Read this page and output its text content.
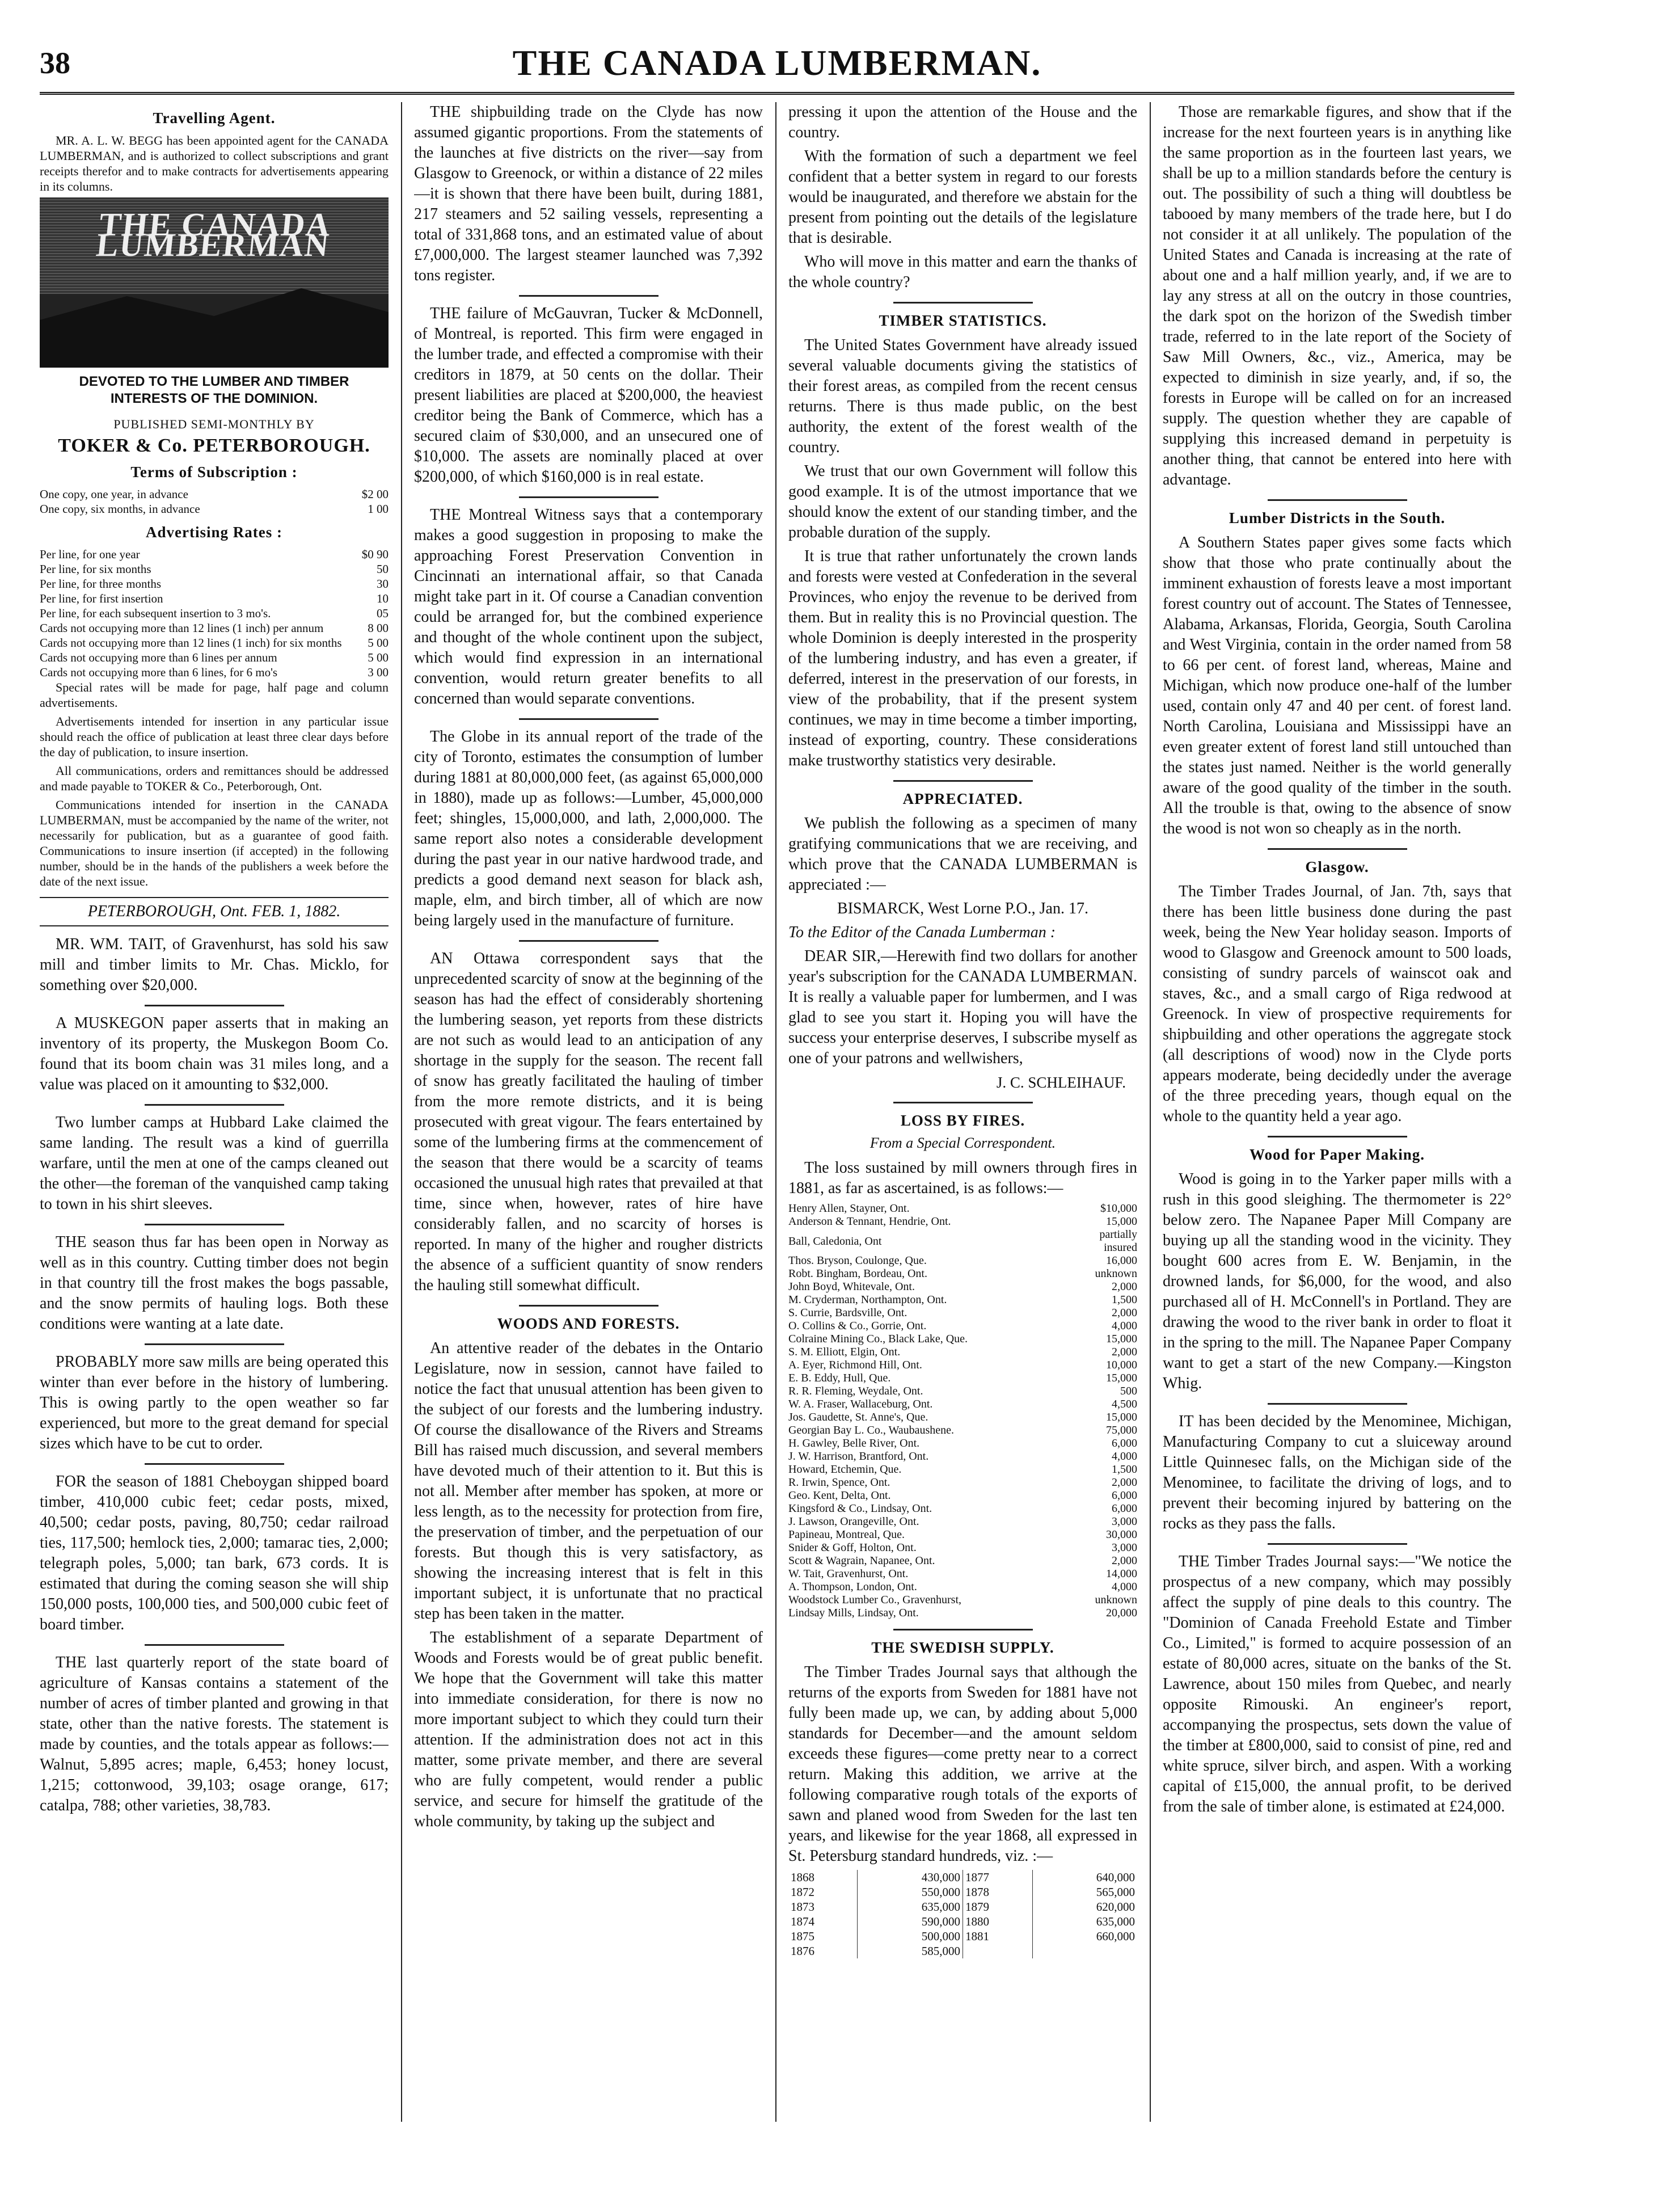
38	THE CANADA LUMBERMAN.
Travelling Agent.

MR. A. L. W. BEGG has been appointed agent for the CANADA LUMBERMAN, and is authorized to collect subscriptions and grant receipts therefor and to make contracts for advertisements appearing in its columns.

THE CANADA LUMBERMAN
DEVOTED TO THE LUMBER AND TIMBER INTERESTS OF THE DOMINION.
PUBLISHED SEMI-MONTHLY BY
TOKER & Co. PETERBOROUGH.
Terms of Subscription :
One copy, one year, in advance	$2 00
One copy, six months, in advance	1 00
Advertising Rates :
Per line, for one year	$0 90
Per line, for six months	50
Per line, for three months	30
Per line, for first insertion	10
Per line, for each subsequent insertion to 3 mo's.	05
Cards not occupying more than 12 lines (1 inch) per annum	8 00
Cards not occupying more than 12 lines (1 inch) for six months	5 00
Cards not occupying more than 6 lines per annum	5 00
Cards not occupying more than 6 lines, for 6 mo's	3 00

Special rates will be made for page, half page and column advertisements.

Advertisements intended for insertion in any particular issue should reach the office of publication at least three clear days before the day of publication, to insure insertion.

All communications, orders and remittances should be addressed and made payable to TOKER & Co., Peterborough, Ont.

Communications intended for insertion in the CANADA LUMBERMAN, must be accompanied by the name of the writer, not necessarily for publication, but as a guarantee of good faith. Communications to insure insertion (if accepted) in the following number, should be in the hands of the publishers a week before the date of the next issue.

PETERBOROUGH, Ont. FEB. 1, 1882.

MR. WM. TAIT, of Gravenhurst, has sold his saw mill and timber limits to Mr. Chas. Micklo, for something over $20,000.

A MUSKEGON paper asserts that in making an inventory of its property, the Muskegon Boom Co. found that its boom chain was 31 miles long, and a value was placed on it amounting to $32,000.

Two lumber camps at Hubbard Lake claimed the same landing. The result was a kind of guerrilla warfare, until the men at one of the camps cleaned out the other—the foreman of the vanquished camp taking to town in his shirt sleeves.

THE season thus far has been open in Norway as well as in this country. Cutting timber does not begin in that country till the frost makes the bogs passable, and the snow permits of hauling logs. Both these conditions were wanting at a late date.

PROBABLY more saw mills are being operated this winter than ever before in the history of lumbering. This is owing partly to the open weather so far experienced, but more to the great demand for special sizes which have to be cut to order.

FOR the season of 1881 Cheboygan shipped board timber, 410,000 cubic feet; cedar posts, mixed, 40,500; cedar posts, paving, 80,750; cedar railroad ties, 117,500; hemlock ties, 2,000; tamarac ties, 2,000; telegraph poles, 5,000; tan bark, 673 cords. It is estimated that during the coming season she will ship 150,000 posts, 100,000 ties, and 500,000 cubic feet of board timber.

THE last quarterly report of the state board of agriculture of Kansas contains a statement of the number of acres of timber planted and growing in that state, other than the native forests. The statement is made by counties, and the totals appear as follows:—Walnut, 5,895 acres; maple, 6,453; honey locust, 1,215; cottonwood, 39,103; osage orange, 617; catalpa, 788; other varieties, 38,783.

THE shipbuilding trade on the Clyde has now assumed gigantic proportions. From the statements of the launches at five districts on the river—say from Glasgow to Greenock, or within a distance of 22 miles—it is shown that there have been built, during 1881, 217 steamers and 52 sailing vessels, representing a total of 331,868 tons, and an estimated value of about £7,000,000. The largest steamer launched was 7,392 tons register.

THE failure of McGauvran, Tucker & McDonnell, of Montreal, is reported. This firm were engaged in the lumber trade, and effected a compromise with their creditors in 1879, at 50 cents on the dollar. Their present liabilities are placed at $200,000, the heaviest creditor being the Bank of Commerce, which has a secured claim of $30,000, and an unsecured one of $10,000. The assets are nominally placed at over $200,000, of which $160,000 is in real estate.

THE Montreal Witness says that a contemporary makes a good suggestion in proposing to make the approaching Forest Preservation Convention in Cincinnati an international affair, so that Canada might take part in it. Of course a Canadian convention could be arranged for, but the combined experience and thought of the whole continent upon the subject, which would find expression in an international convention, would return greater benefits to all concerned than would separate conventions.

The Globe in its annual report of the trade of the city of Toronto, estimates the consumption of lumber during 1881 at 80,000,000 feet, (as against 65,000,000 in 1880), made up as follows:—Lumber, 45,000,000 feet; shingles, 15,000,000, and lath, 2,000,000. The same report also notes a considerable development during the past year in our native hardwood trade, and predicts a good demand next season for black ash, maple, elm, and birch timber, all of which are now being largely used in the manufacture of furniture.

AN Ottawa correspondent says that the unprecedented scarcity of snow at the beginning of the season has had the effect of considerably shortening the lumbering season, yet reports from these districts are not such as would lead to an anticipation of any shortage in the supply for the season. The recent fall of snow has greatly facilitated the hauling of timber from the more remote districts, and it is being prosecuted with great vigour. The fears entertained by some of the lumbering firms at the commencement of the season that there would be a scarcity of teams occasioned the unusual high rates that prevailed at that time, since when, however, rates of hire have considerably fallen, and no scarcity of horses is reported. In many of the higher and rougher districts the absence of a sufficient quantity of snow renders the hauling still somewhat difficult.

WOODS AND FORESTS.

An attentive reader of the debates in the Ontario Legislature, now in session, cannot have failed to notice the fact that unusual attention has been given to the subject of our forests and the lumbering industry. Of course the disallowance of the Rivers and Streams Bill has raised much discussion, and several members have devoted much of their attention to it. But this is not all. Member after member has spoken, at more or less length, as to the necessity for protection from fire, the preservation of timber, and the perpetuation of our forests. But though this is very satisfactory, as showing the increasing interest that is felt in this important subject, it is unfortunate that no practical step has been taken in the matter.

The establishment of a separate Department of Woods and Forests would be of great public benefit. We hope that the Government will take this matter into immediate consideration, for there is now no more important subject to which they could turn their attention. If the administration does not act in this matter, some private member, and there are several who are fully competent, would render a public service, and secure for himself the gratitude of the whole community, by taking up the subject and

pressing it upon the attention of the House and the country.

With the formation of such a department we feel confident that a better system in regard to our forests would be inaugurated, and therefore we abstain for the present from pointing out the details of the legislature that is desirable.

Who will move in this matter and earn the thanks of the whole country?

TIMBER STATISTICS.

The United States Government have already issued several valuable documents giving the statistics of their forest areas, as compiled from the recent census returns. There is thus made public, on the best authority, the extent of the forest wealth of the country.

We trust that our own Government will follow this good example. It is of the utmost importance that we should know the extent of our standing timber, and the probable duration of the supply.

It is true that rather unfortunately the crown lands and forests were vested at Confederation in the several Provinces, who enjoy the revenue to be derived from them. But in reality this is no Provincial question. The whole Dominion is deeply interested in the prosperity of the lumbering industry, and has even a greater, if deferred, interest in the preservation of our forests, in view of the probability, that if the present system continues, we may in time become a timber importing, instead of exporting, country. These considerations make trustworthy statistics very desirable.

APPRECIATED.

We publish the following as a specimen of many gratifying communications that we are receiving, and which prove that the CANADA LUMBERMAN is appreciated :—

BISMARCK, West Lorne P.O., Jan. 17.

To the Editor of the Canada Lumberman :

DEAR SIR,—Herewith find two dollars for another year's subscription for the CANADA LUMBERMAN. It is really a valuable paper for lumbermen, and I was glad to see you start it. Hoping you will have the success your enterprise deserves, I subscribe myself as one of your patrons and wellwishers,

J. C. SCHLEIHAUF.
LOSS BY FIRES.
From a Special Correspondent.

The loss sustained by mill owners through fires in 1881, as far as ascertained, is as follows:—

Henry Allen, Stayner, Ont.	$10,000
Anderson & Tennant, Hendrie, Ont.	15,000
Ball, Caledonia, Ont	partially insured
Thos. Bryson, Coulonge, Que.	16,000
Robt. Bingham, Bordeau, Ont.	unknown
John Boyd, Whitevale, Ont.	2,000
M. Cryderman, Northampton, Ont.	1,500
S. Currie, Bardsville, Ont.	2,000
O. Collins & Co., Gorrie, Ont.	4,000
Colraine Mining Co., Black Lake, Que.	15,000
S. M. Elliott, Elgin, Ont.	2,000
A. Eyer, Richmond Hill, Ont.	10,000
E. B. Eddy, Hull, Que.	15,000
R. R. Fleming, Weydale, Ont.	500
W. A. Fraser, Wallaceburg, Ont.	4,500
Jos. Gaudette, St. Anne's, Que.	15,000
Georgian Bay L. Co., Waubaushene.	75,000
H. Gawley, Belle River, Ont.	6,000
J. W. Harrison, Brantford, Ont.	4,000
Howard, Etchemin, Que.	1,500
R. Irwin, Spence, Ont.	2,000
Geo. Kent, Delta, Ont.	6,000
Kingsford & Co., Lindsay, Ont.	6,000
J. Lawson, Orangeville, Ont.	3,000
Papineau, Montreal, Que.	30,000
Snider & Goff, Holton, Ont.	3,000
Scott & Wagrain, Napanee, Ont.	2,000
W. Tait, Gravenhurst, Ont.	14,000
A. Thompson, London, Ont.	4,000
Woodstock Lumber Co., Gravenhurst,	unknown
Lindsay Mills, Lindsay, Ont.	20,000
THE SWEDISH SUPPLY.

The Timber Trades Journal says that although the returns of the exports from Sweden for 1881 have not fully been made up, we can, by adding about 5,000 standards for December—and the amount seldom exceeds these figures—come pretty near to a correct return. Making this addition, we arrive at the following comparative rough totals of the exports of sawn and planed wood from Sweden for the last ten years, and likewise for the year 1868, all expressed in St. Petersburg standard hundreds, viz. :—

1868	430,000	1877	640,000
1872	550,000	1878	565,000
1873	635,000	1879	620,000
1874	590,000	1880	635,000
1875	500,000	1881	660,000
1876	585,000		

Those are remarkable figures, and show that if the increase for the next fourteen years is in anything like the same proportion as in the fourteen last years, we shall be up to a million standards before the century is out. The possibility of such a thing will doubtless be tabooed by many members of the trade here, but I do not consider it at all unlikely. The population of the United States and Canada is increasing at the rate of about one and a half million yearly, and, if we are to lay any stress at all on the outcry in those countries, the dark spot on the horizon of the Swedish timber trade, referred to in the late report of the Society of Saw Mill Owners, &c., viz., America, may be expected to diminish in size yearly, and, if so, the forests in Europe will be called on for an increased supply. The question whether they are capable of supplying this increased demand in perpetuity is another thing, that cannot be entered into here with advantage.

Lumber Districts in the South.

A Southern States paper gives some facts which show that those who prate continually about the imminent exhaustion of forests leave a most important forest country out of account. The States of Tennessee, Alabama, Arkansas, Florida, Georgia, South Carolina and West Virginia, contain in the order named from 58 to 66 per cent. of forest land, whereas, Maine and Michigan, which now produce one-half of the lumber used, contain only 47 and 40 per cent. of forest land. North Carolina, Louisiana and Mississippi have an even greater extent of forest land still untouched than the states just named. Neither is the world generally aware of the good quality of the timber in the south. All the trouble is that, owing to the absence of snow the wood is not won so cheaply as in the north.

Glasgow.

The Timber Trades Journal, of Jan. 7th, says that there has been little business done during the past week, being the New Year holiday season. Imports of wood to Glasgow and Greenock amount to 500 loads, consisting of sundry parcels of wainscot oak and staves, &c., and a small cargo of Riga redwood at Greenock. In view of prospective requirements for shipbuilding and other operations the aggregate stock (all descriptions of wood) now in the Clyde ports appears moderate, being decidedly under the average of the three preceding years, though equal on the whole to the quantity held a year ago.

Wood for Paper Making.

Wood is going in to the Yarker paper mills with a rush in this good sleighing. The thermometer is 22° below zero. The Napanee Paper Mill Company are buying up all the standing wood in the vicinity. They bought 600 acres from E. W. Benjamin, in the drowned lands, for $6,000, for the wood, and also purchased all of H. McConnell's in Portland. They are drawing the wood to the river bank in order to float it in the spring to the mill. The Napanee Paper Company want to get a start of the new Company.—Kingston Whig.

IT has been decided by the Menominee, Michigan, Manufacturing Company to cut a sluiceway around Little Quinnesec falls, on the Michigan side of the Menominee, to facilitate the driving of logs, and to prevent their becoming injured by battering on the rocks as they pass the falls.

THE Timber Trades Journal says:—"We notice the prospectus of a new company, which may possibly affect the supply of pine deals to this country. The "Dominion of Canada Freehold Estate and Timber Co., Limited," is formed to acquire possession of an estate of 80,000 acres, situate on the banks of the St. Lawrence, about 150 miles from Quebec, and nearly opposite Rimouski. An engineer's report, accompanying the prospectus, sets down the value of the timber at £800,000, said to consist of pine, red and white spruce, silver birch, and aspen. With a working capital of £15,000, the annual profit, to be derived from the sale of timber alone, is estimated at £24,000.
